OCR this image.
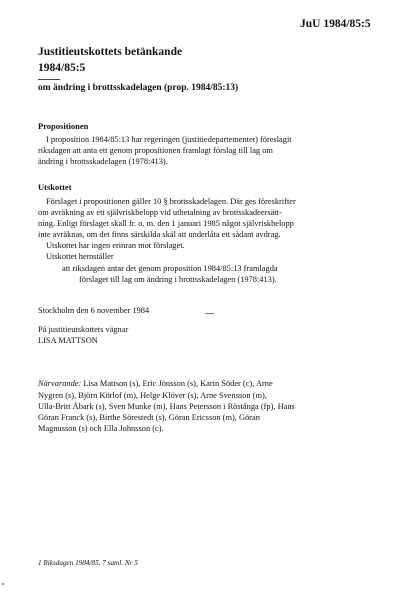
JuU 1984/85:5
Justitieutskottets betänkande
1984/85:5
om ändring i brottsskadelagen (prop. 1984/85:13)
Propositionen
I proposition 1984/85:13 har regeringen (justitiedepartementet) föreslagit
riksdagen att anta ett genom propositionen framlagt förslag till lag om
ändring i brottsskadelagen (1978:413).
Utskottet
Förslaget i propositionen gäller 10 § brottsskadelagen. Där ges föreskrifter
om avräkning av ett självriskbelopp vid utbetalning av brottsskadeersätt-
ning. Enligt förslaget skall fr. o. m. den 1 januari 1985 något självriskbelopp
inte avräknas, om det finns särskilda skäl att underlåta ett sådant avdrag.
Utskottet har ingen erinran mot förslaget.
Utskottet hemställer
att riksdagen antar det genom proposition 1984/85:13 framlagda
förslaget till lag om ändring i brottsskadelagen (1978:413).
Stockholm den 6 november 1984
På justitieutskottets vägnar
LISA MATTSON
Närvarande: Lisa Mattson (s), Eric Jönsson (s), Karin Söder (c), Arne
Nygren (s), Björn Körlof (m), Helge Klöver (s), Arne Svensson (m),
Ulla-Britt Åbark (s), Sven Munke (m), Hans Petersson i Röstånga (fp), Hans
Göran Franck (s), Birthe Sörestedt (s), Göran Ericsson (m), Göran
Magnusson (s) och Ella Johnsson (c).
1 Riksdagen 1984/85. 7 saml. Nr 5
